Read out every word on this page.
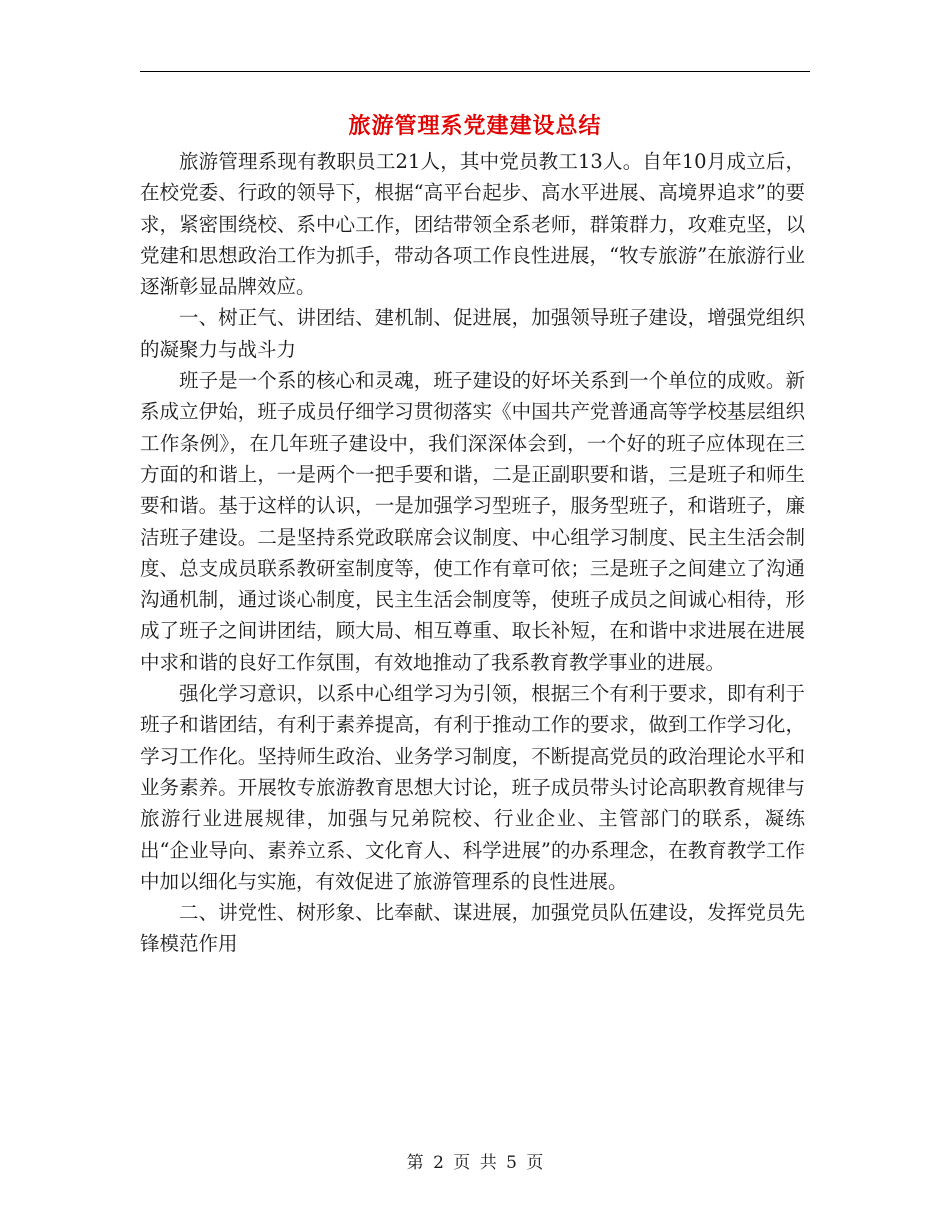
旅游管理系党建建设总结

旅游管理系现有教职员工21人，其中党员教工13人。自年10月成立后，在校党委、行政的领导下，根据“高平台起步、高水平进展、高境界追求”的要求，紧密围绕校、系中心工作，团结带领全系老师，群策群力，攻难克坚，以党建和思想政治工作为抓手，带动各项工作良性进展，“牧专旅游”在旅游行业逐渐彰显品牌效应。

一、树正气、讲团结、建机制、促进展，加强领导班子建设，增强党组织的凝聚力与战斗力

班子是一个系的核心和灵魂，班子建设的好坏关系到一个单位的成败。新系成立伊始，班子成员仔细学习贯彻落实《中国共产党普通高等学校基层组织工作条例》，在几年班子建设中，我们深深体会到，一个好的班子应体现在三方面的和谐上，一是两个一把手要和谐，二是正副职要和谐，三是班子和师生要和谐。基于这样的认识，一是加强学习型班子，服务型班子，和谐班子，廉洁班子建设。二是坚持系党政联席会议制度、中心组学习制度、民主生活会制度、总支成员联系教研室制度等，使工作有章可依；三是班子之间建立了沟通沟通机制，通过谈心制度，民主生活会制度等，使班子成员之间诚心相待，形成了班子之间讲团结，顾大局、相互尊重、取长补短，在和谐中求进展在进展中求和谐的良好工作氛围，有效地推动了我系教育教学事业的进展。

强化学习意识，以系中心组学习为引领，根据三个有利于要求，即有利于班子和谐团结，有利于素养提高，有利于推动工作的要求，做到工作学习化，学习工作化。坚持师生政治、业务学习制度，不断提高党员的政治理论水平和业务素养。开展牧专旅游教育思想大讨论，班子成员带头讨论高职教育规律与旅游行业进展规律，加强与兄弟院校、行业企业、主管部门的联系，凝练出“企业导向、素养立系、文化育人、科学进展”的办系理念，在教育教学工作中加以细化与实施，有效促进了旅游管理系的良性进展。

二、讲党性、树形象、比奉献、谋进展，加强党员队伍建设，发挥党员先锋模范作用

第 2 页 共 5 页
